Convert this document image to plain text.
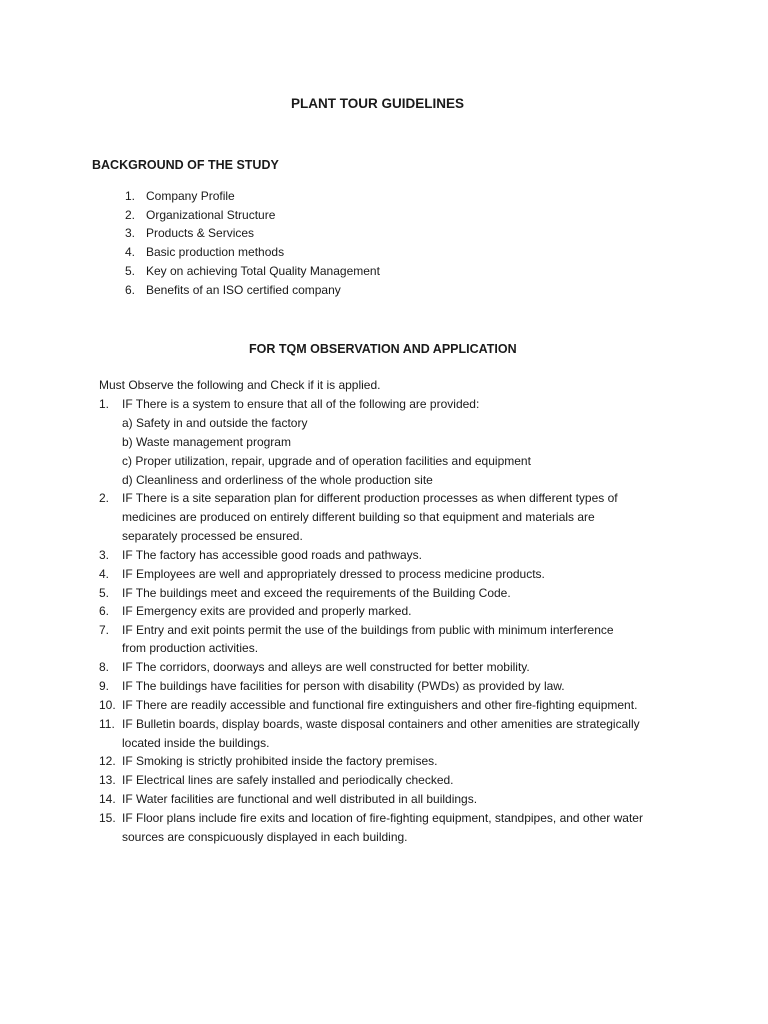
PLANT TOUR GUIDELINES
BACKGROUND OF THE STUDY
1. Company Profile
2. Organizational Structure
3. Products & Services
4. Basic production methods
5. Key on achieving Total Quality Management
6. Benefits of an ISO certified company
FOR TQM OBSERVATION AND APPLICATION
Must Observe the following and Check if it is applied.
1. IF There is a system to ensure that all of the following are provided:
a) Safety in and outside the factory
b) Waste management program
c) Proper utilization, repair, upgrade and of operation facilities and equipment
d) Cleanliness and orderliness of the whole production site
2. IF There is a site separation plan for different production processes as when different types of
medicines are produced on entirely different building so that equipment and materials are
separately processed be ensured.
3. IF The factory has accessible good roads and pathways.
4. IF Employees are well and appropriately dressed to process medicine products.
5. IF The buildings meet and exceed the requirements of the Building Code.
6. IF Emergency exits are provided and properly marked.
7. IF Entry and exit points permit the use of the buildings from public with minimum interference
from production activities.
8. IF The corridors, doorways and alleys are well constructed for better mobility.
9. IF The buildings have facilities for person with disability (PWDs) as provided by law.
10. IF There are readily accessible and functional fire extinguishers and other fire-fighting equipment.
11. IF Bulletin boards, display boards, waste disposal containers and other amenities are strategically
located inside the buildings.
12. IF Smoking is strictly prohibited inside the factory premises.
13. IF Electrical lines are safely installed and periodically checked.
14. IF Water facilities are functional and well distributed in all buildings.
15. IF Floor plans include fire exits and location of fire-fighting equipment, standpipes, and other water
sources are conspicuously displayed in each building.
